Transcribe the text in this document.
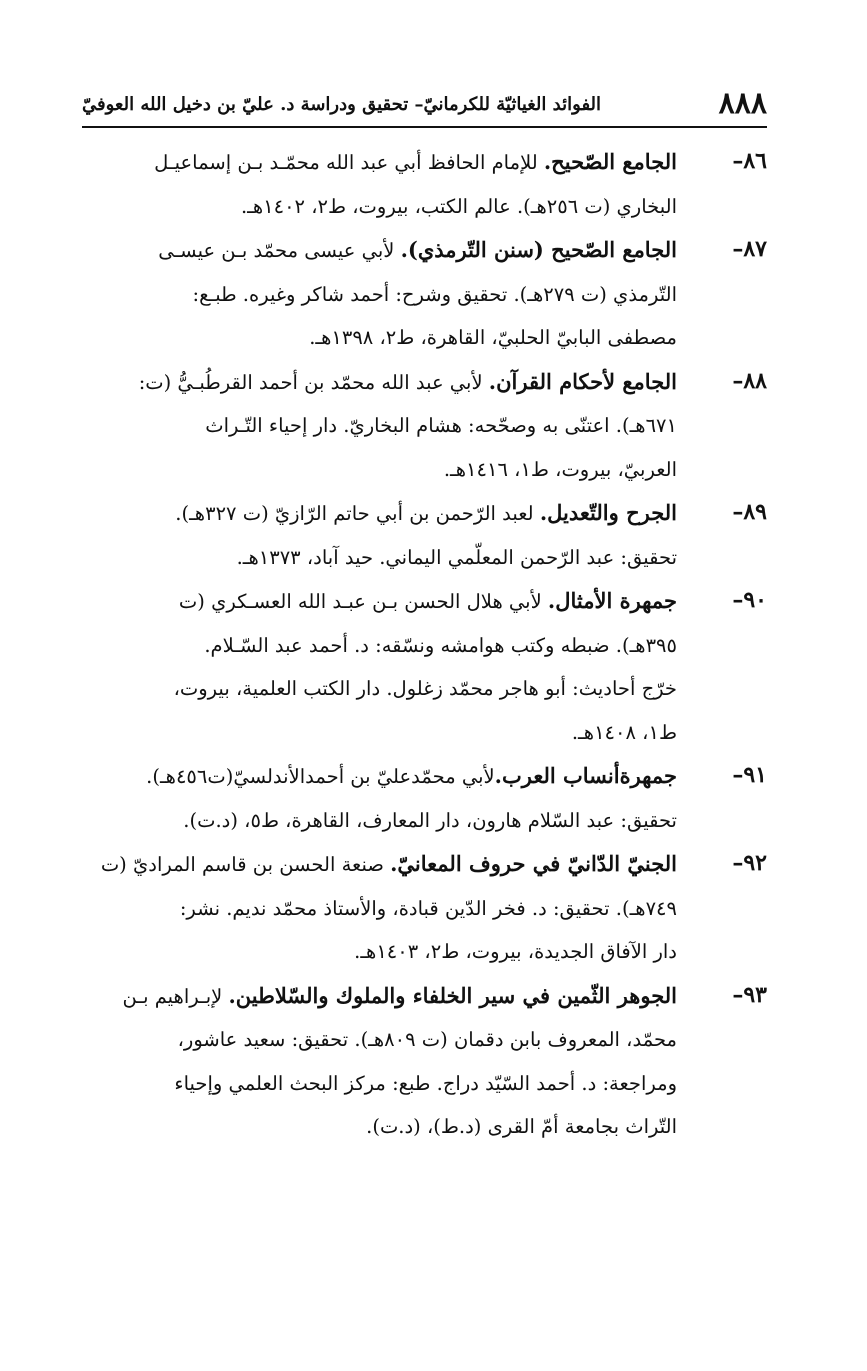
٨٨٨
الفوائد الغياثيّة للكرمانيّ– تحقيق ودراسة د. عليّ بن دخيل الله العوفيّ
٨٦–
الجامع الصّحيح. للإمام الحافظ أبي عبد الله محمّـد بـن إسماعيـل
البخاري (ت ٢٥٦هـ). عالم الكتب، بيروت، ط٢، ١٤٠٢هـ.
٨٧–
الجامع الصّحيح (سنن التّرمذي). لأبي عيسى محمّد بـن عيسـى
التّرمذي (ت ٢٧٩هـ). تحقيق وشرح: أحمد شاكر وغيره. طبـع:
مصطفى البابيّ الحلبيّ، القاهرة، ط٢، ١٣٩٨هـ.
٨٨–
الجامع لأحكام القرآن. لأبي عبد الله محمّد بن أحمد القرطُبـيُّ (ت:
٦٧١هـ). اعتنّى به وصحّحه: هشام البخاريّ. دار إحياء التّـراث
العربيّ، بيروت، ط١، ١٤١٦هـ.
٨٩–
الجرح والتّعديل. لعبد الرّحمن بن أبي حاتم الرّازيّ (ت ٣٢٧هـ).
تحقيق: عبد الرّحمن المعلّمي اليماني. حيد آباد، ١٣٧٣هـ.
٩٠–
جمهرة الأمثال. لأبي هلال الحسن بـن عبـد الله العسـكري (ت
٣٩٥هـ). ضبطه وكتب هوامشه ونسّقه: د. أحمد عبد السّـلام.
خرّج أحاديث: أبو هاجر محمّد زغلول. دار الكتب العلمية، بيروت،
ط١، ١٤٠٨هـ.
٩١–
جمهرةأنساب العرب.لأبي محمّدعليّ بن أحمدالأندلسيّ(ت٤٥٦هـ).
تحقيق: عبد السّلام هارون، دار المعارف، القاهرة، ط٥، (د.ت).
٩٢–
الجنيّ الدّانيّ في حروف المعانيّ. صنعة الحسن بن قاسم المراديّ (ت
٧٤٩هـ). تحقيق: د. فخر الدّين قبادة، والأستاذ محمّد نديم. نشر:
دار الآفاق الجديدة، بيروت، ط٢، ١٤٠٣هـ.
٩٣–
الجوهر الثّمين في سير الخلفاء والملوك والسّلاطين. لإبـراهيم بـن
محمّد، المعروف بابن دقمان (ت ٨٠٩هـ). تحقيق: سعيد عاشور،
ومراجعة: د. أحمد السّيّد دراج. طبع: مركز البحث العلمي وإحياء
التّراث بجامعة أمّ القرى (د.ط)، (د.ت).
